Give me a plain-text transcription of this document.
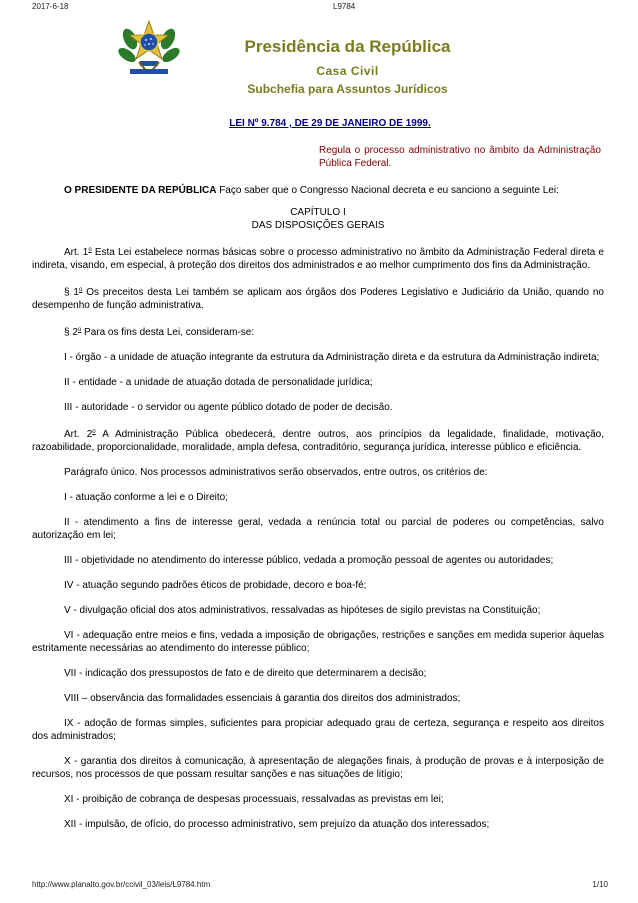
2017-6-18	L9784
Presidência da República
Casa Civil
Subchefia para Assuntos Jurídicos
LEI Nº 9.784 , DE 29 DE JANEIRO DE 1999.
Regula o processo administrativo no âmbito da Administração Pública Federal.

O PRESIDENTE DA REPÚBLICA Faço saber que o Congresso Nacional decreta e eu sanciono a seguinte Lei:

CAPÍTULO I

DAS DISPOSIÇÕES GERAIS

Art. 1$^o$ Esta Lei estabelece normas básicas sobre o processo administrativo no âmbito da Administração Federal direta e indireta, visando, em especial, à proteção dos direitos dos administrados e ao melhor cumprimento dos fins da Administração.

§ 1$^o$ Os preceitos desta Lei também se aplicam aos órgãos dos Poderes Legislativo e Judiciário da União, quando no desempenho de função administrativa.

§ 2$^o$ Para os fins desta Lei, consideram-se:

I - órgão - a unidade de atuação integrante da estrutura da Administração direta e da estrutura da Administração indireta;

II - entidade - a unidade de atuação dotada de personalidade jurídica;

III - autoridade - o servidor ou agente público dotado de poder de decisão.

Art. 2$^o$ A Administração Pública obedecerá, dentre outros, aos princípios da legalidade, finalidade, motivação, razoabilidade, proporcionalidade, moralidade, ampla defesa, contraditório, segurança jurídica, interesse público e eficiência.

Parágrafo único. Nos processos administrativos serão observados, entre outros, os critérios de:

I - atuação conforme a lei e o Direito;

II - atendimento a fins de interesse geral, vedada a renúncia total ou parcial de poderes ou competências, salvo autorização em lei;

III - objetividade no atendimento do interesse público, vedada a promoção pessoal de agentes ou autoridades;

IV - atuação segundo padrões éticos de probidade, decoro e boa-fé;

V - divulgação oficial dos atos administrativos, ressalvadas as hipóteses de sigilo previstas na Constituição;

VI - adequação entre meios e fins, vedada a imposição de obrigações, restrições e sanções em medida superior àquelas estritamente necessárias ao atendimento do interesse público;

VII - indicação dos pressupostos de fato e de direito que determinarem a decisão;

VIII – observância das formalidades essenciais à garantia dos direitos dos administrados;

IX - adoção de formas simples, suficientes para propiciar adequado grau de certeza, segurança e respeito aos direitos dos administrados;

X - garantia dos direitos à comunicação, à apresentação de alegações finais, à produção de provas e à interposição de recursos, nos processos de que possam resultar sanções e nas situações de litígio;

XI - proibição de cobrança de despesas processuais, ressalvadas as previstas em lei;

XII - impulsão, de ofício, do processo administrativo, sem prejuízo da atuação dos interessados;

http://www.planalto.gov.br/ccivil_03/leis/L9784.htm	1/10
